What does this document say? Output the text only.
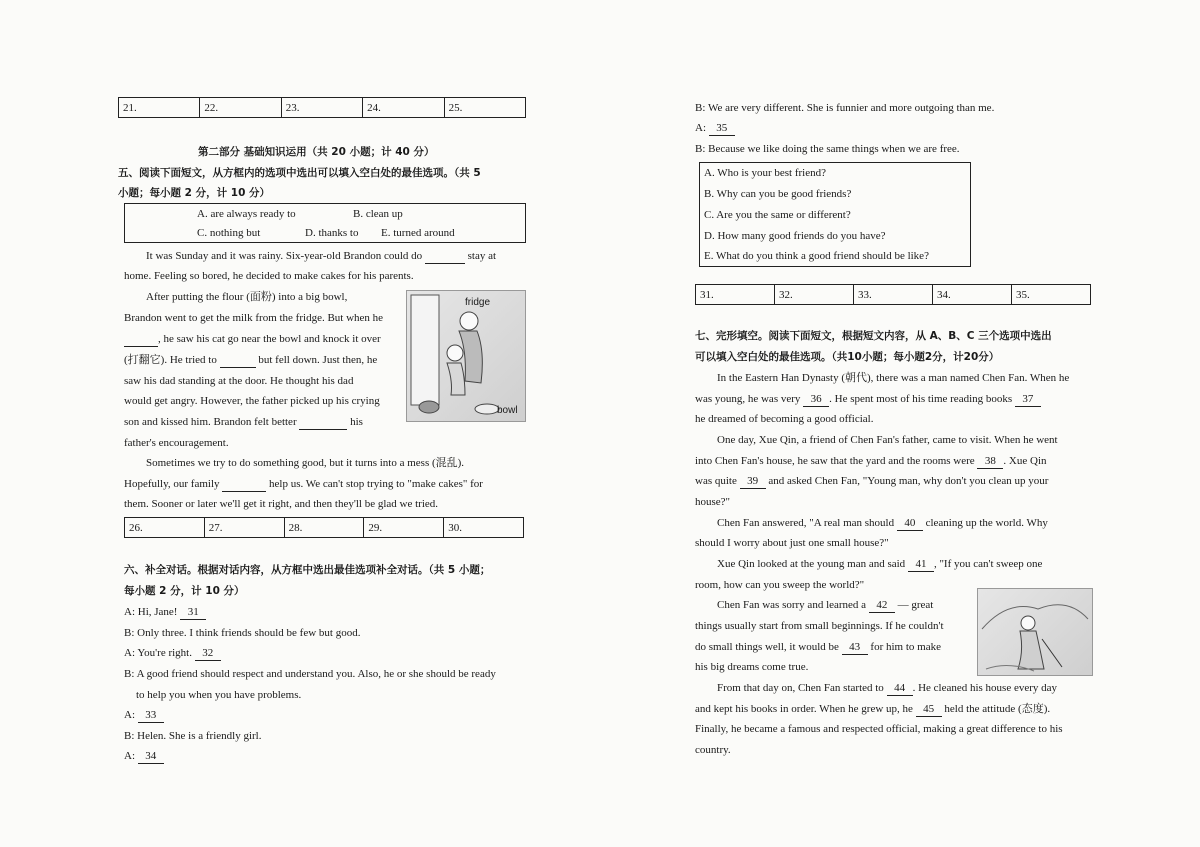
21.	22.	23.	24.	25.
第二部分 基础知识运用（共 20 小题；计 40 分）
五、阅读下面短文，从方框内的选项中选出可以填入空白处的最佳选项。（共 5
小题；每小题 2 分，计 10 分）
A. are always ready to	B. clean up
C. nothing but	D. thanks to E. turned around
It was Sunday and it was rainy. Six-year-old Brandon could do	stay at
home. Feeling so bored, he decided to make cakes for his parents.
After putting the flour (面粉) into a big bowl,
Brandon went to get the milk from the fridge. But when he
, he saw his cat go near the bowl and knock it over
(打翻它). He tried to	but fell down. Just then, he
saw his dad standing at the door. He thought his dad
would get angry. However, the father picked up his crying
son and kissed him. Brandon felt better	his
father's encouragement.
fridge
bowl
Sometimes we try to do something good, but it turns into a mess (混乱).
Hopefully, our family	help us. We can't stop trying to "make cakes" for
them. Sooner or later we'll get it right, and then they'll be glad we tried.
26.	27.	28.	29.	30.
六、补全对话。根据对话内容，从方框中选出最佳选项补全对话。（共 5 小题；
每小题 2 分，计 10 分）
A: Hi, Jane! 31
B: Only three. I think friends should be few but good.
A: You're right. 32
B: A good friend should respect and understand you. Also, he or she should be ready
to help you when you have problems.
A: 33
B: Helen. She is a friendly girl.
A: 34
B: We are very different. She is funnier and more outgoing than me.
A: 35
B: Because we like doing the same things when we are free.
A. Who is your best friend?
B. Why can you be good friends?
C. Are you the same or different?
D. How many good friends do you have?
E. What do you think a good friend should be like?
31.	32.	33.	34.	35.
七、完形填空。阅读下面短文，根据短文内容，从 A、B、C 三个选项中选出
可以填入空白处的最佳选项。（共10小题；每小题2分，计20分）
In the Eastern Han Dynasty (朝代), there was a man named Chen Fan. When he
was young, he was very 36 . He spent most of his time reading books 37
he dreamed of becoming a good official.
One day, Xue Qin, a friend of Chen Fan's father, came to visit. When he went
into Chen Fan's house, he saw that the yard and the rooms were 38 . Xue Qin
was quite 39 and asked Chen Fan, "Young man, why don't you clean up your
house?"
Chen Fan answered, "A real man should 40 cleaning up the world. Why
should I worry about just one small house?"
Xue Qin looked at the young man and said 41 , "If you can't sweep one
room, how can you sweep the world?"
Chen Fan was sorry and learned a 42 — great
things usually start from small beginnings. If he couldn't
do small things well, it would be 43 for him to make
his big dreams come true.
From that day on, Chen Fan started to 44 . He cleaned his house every day
and kept his books in order. When he grew up, he 45 held the attitude (态度).
Finally, he became a famous and respected official, making a great difference to his
country.
